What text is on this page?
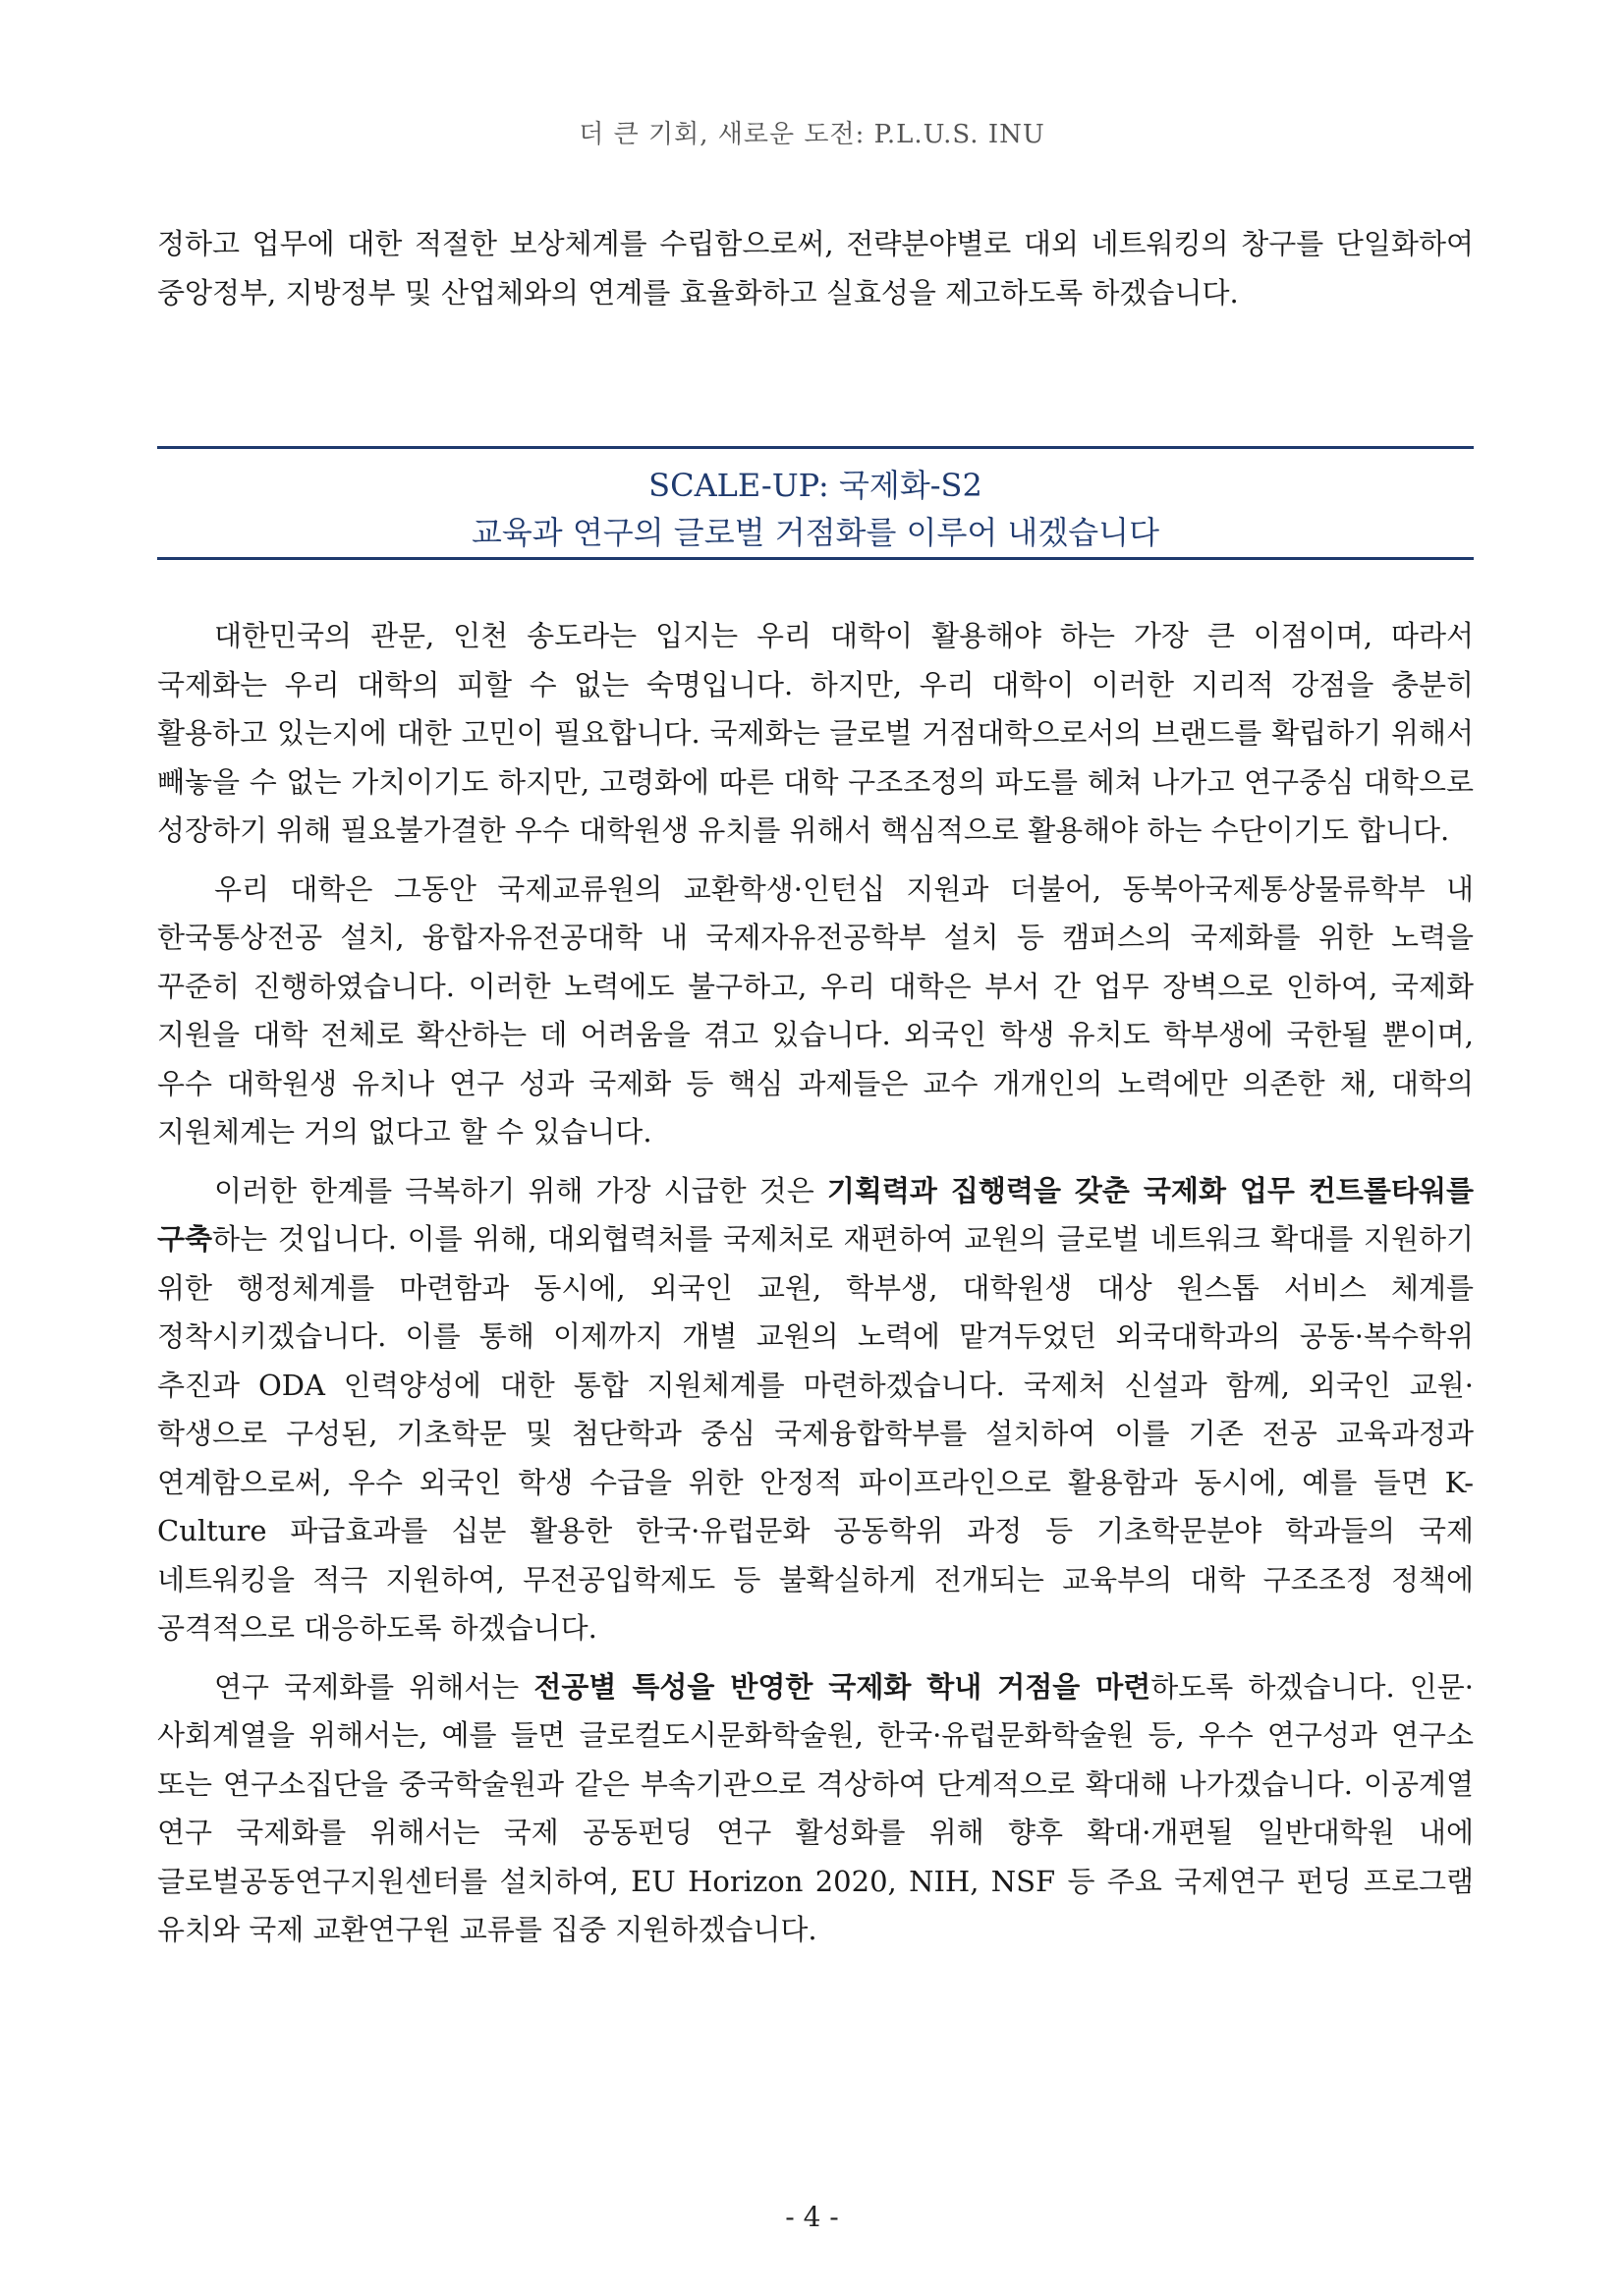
더 큰 기회, 새로운 도전: P.L.U.S. INU

정하고 업무에 대한 적절한 보상체계를 수립함으로써, 전략분야별로 대외 네트워킹의 창구를 단일화하여 중앙정부, 지방정부 및 산업체와의 연계를 효율화하고 실효성을 제고하도록 하겠습니다.

SCALE-UP: 국제화-S2
교육과 연구의 글로벌 거점화를 이루어 내겠습니다

대한민국의 관문, 인천 송도라는 입지는 우리 대학이 활용해야 하는 가장 큰 이점이며, 따라서 국제화는 우리 대학의 피할 수 없는 숙명입니다. 하지만, 우리 대학이 이러한 지리적 강점을 충분히 활용하고 있는지에 대한 고민이 필요합니다. 국제화는 글로벌 거점대학으로서의 브랜드를 확립하기 위해서 빼놓을 수 없는 가치이기도 하지만, 고령화에 따른 대학 구조조정의 파도를 헤쳐 나가고 연구중심 대학으로 성장하기 위해 필요불가결한 우수 대학원생 유치를 위해서 핵심적으로 활용해야 하는 수단이기도 합니다.

우리 대학은 그동안 국제교류원의 교환학생·인턴십 지원과 더불어, 동북아국제통상물류학부 내 한국통상전공 설치, 융합자유전공대학 내 국제자유전공학부 설치 등 캠퍼스의 국제화를 위한 노력을 꾸준히 진행하였습니다. 이러한 노력에도 불구하고, 우리 대학은 부서 간 업무 장벽으로 인하여, 국제화 지원을 대학 전체로 확산하는 데 어려움을 겪고 있습니다. 외국인 학생 유치도 학부생에 국한될 뿐이며, 우수 대학원생 유치나 연구 성과 국제화 등 핵심 과제들은 교수 개개인의 노력에만 의존한 채, 대학의 지원체계는 거의 없다고 할 수 있습니다.

이러한 한계를 극복하기 위해 가장 시급한 것은 기획력과 집행력을 갖춘 국제화 업무 컨트롤타워를 구축하는 것입니다. 이를 위해, 대외협력처를 국제처로 재편하여 교원의 글로벌 네트워크 확대를 지원하기 위한 행정체계를 마련함과 동시에, 외국인 교원, 학부생, 대학원생 대상 원스톱 서비스 체계를 정착시키겠습니다. 이를 통해 이제까지 개별 교원의 노력에 맡겨두었던 외국대학과의 공동·복수학위 추진과 ODA 인력양성에 대한 통합 지원체계를 마련하겠습니다. 국제처 신설과 함께, 외국인 교원·학생으로 구성된, 기초학문 및 첨단학과 중심 국제융합학부를 설치하여 이를 기존 전공 교육과정과 연계함으로써, 우수 외국인 학생 수급을 위한 안정적 파이프라인으로 활용함과 동시에, 예를 들면 K-Culture 파급효과를 십분 활용한 한국·유럽문화 공동학위 과정 등 기초학문분야 학과들의 국제 네트워킹을 적극 지원하여, 무전공입학제도 등 불확실하게 전개되는 교육부의 대학 구조조정 정책에 공격적으로 대응하도록 하겠습니다.

연구 국제화를 위해서는 전공별 특성을 반영한 국제화 학내 거점을 마련하도록 하겠습니다. 인문·사회계열을 위해서는, 예를 들면 글로컬도시문화학술원, 한국·유럽문화학술원 등, 우수 연구성과 연구소 또는 연구소집단을 중국학술원과 같은 부속기관으로 격상하여 단계적으로 확대해 나가겠습니다. 이공계열 연구 국제화를 위해서는 국제 공동펀딩 연구 활성화를 위해 향후 확대·개편될 일반대학원 내에 글로벌공동연구지원센터를 설치하여, EU Horizon 2020, NIH, NSF 등 주요 국제연구 펀딩 프로그램 유치와 국제 교환연구원 교류를 집중 지원하겠습니다.

- 4 -
